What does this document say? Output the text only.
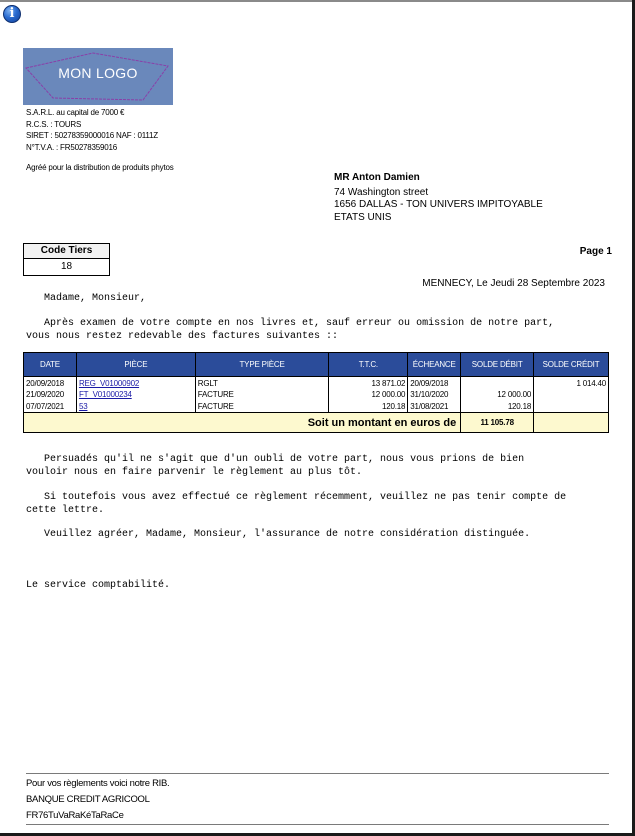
i
MON LOGO
S.A.R.L. au capital de 7000 €
R.C.S. : TOURS
SIRET : 50278359000016 NAF : 0111Z
N°T.V.A. : FR50278359016
Agréé pour la distribution de produits phytos
MR Anton Damien
74 Washington street
1656 DALLAS - TON UNIVERS IMPITOYABLE
ETATS UNIS
Code Tiers
18
Page 1
MENNECY, Le Jeudi 28 Septembre 2023
Madame, Monsieur,
Après examen de votre compte en nos livres et, sauf erreur ou omission de notre part,
vous nous restez redevable des factures suivantes ::
DATE	PIÈCE	TYPE PIÈCE	T.T.C.	ÉCHEANCE	SOLDE DÉBIT	SOLDE CRÉDIT
20/09/2018	REG_V01000902	RGLT	13 871.02	20/09/2018		1 014.40
21/09/2020	FT_V01000234	FACTURE	12 000.00	31/10/2020	12 000.00	
07/07/2021	53	FACTURE	120.18	31/08/2021	120.18	
Soit un montant en euros de					11 105.78	
Persuadés qu'il ne s'agit que d'un oubli de votre part, nous vous prions de bien
vouloir nous en faire parvenir le règlement au plus tôt.
Si toutefois vous avez effectué ce règlement récemment, veuillez ne pas tenir compte de
cette lettre.
Veuillez agréer, Madame, Monsieur, l'assurance de notre considération distinguée.
Le service comptabilité.
Pour vos règlements voici notre RIB.
BANQUE CREDIT AGRICOOL
FR76TuVaRaKéTaRaCe
